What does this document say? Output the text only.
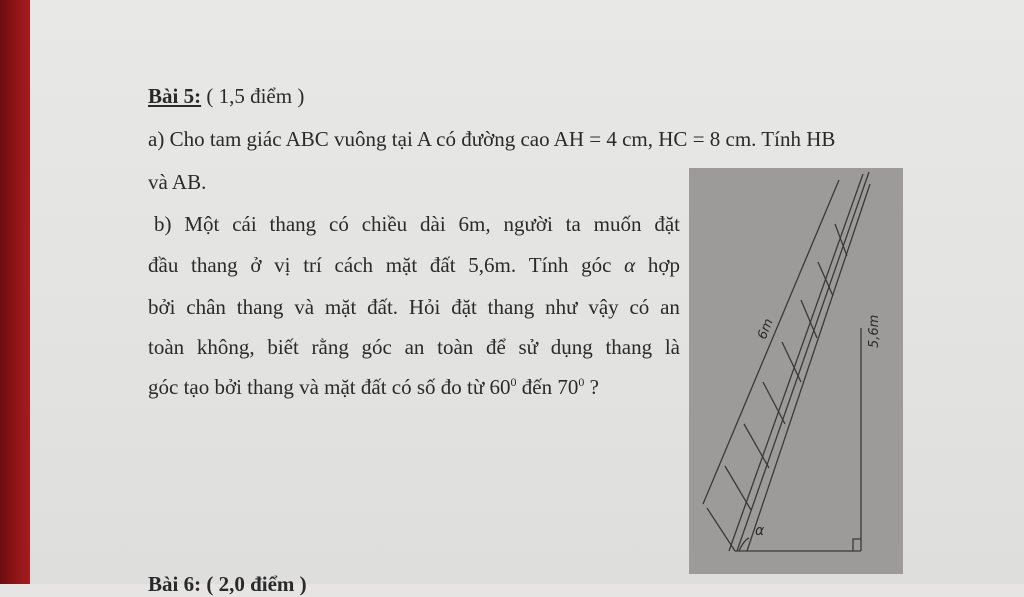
Bài 5: ( 1,5 điểm )
a) Cho tam giác ABC vuông tại A có đường cao AH = 4 cm, HC = 8 cm. Tính HB
và AB.
b) Một cái thang có chiều dài 6m, người ta muốn đặt
đầu thang ở vị trí cách mặt đất 5,6m. Tính góc α hợp
bởi chân thang và mặt đất. Hỏi đặt thang như vậy có an
toàn không, biết rằng góc an toàn để sử dụng thang là
góc tạo bởi thang và mặt đất có số đo từ $60^0$ đến $70^0$ ?
6m	5,6m
α
Bài 6: ( 2,0 điểm )
